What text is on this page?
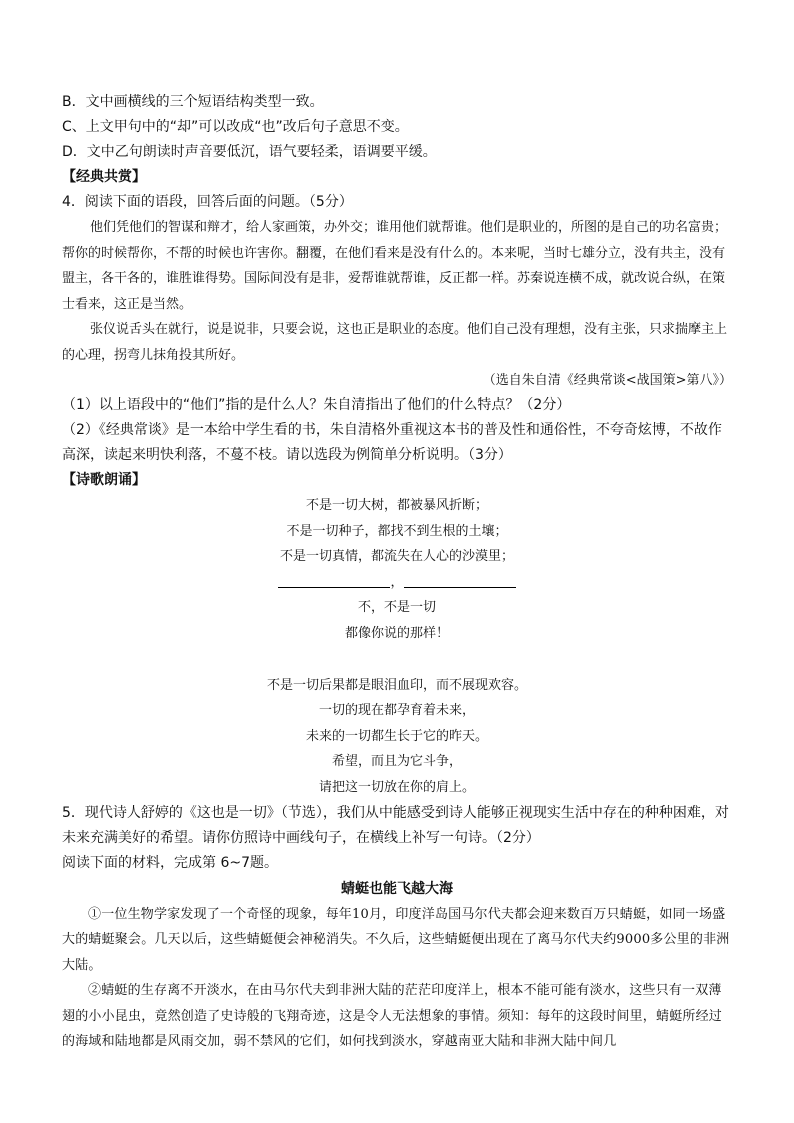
B．文中画横线的三个短语结构类型一致。
C、上文甲句中的“却”可以改成“也”改后句子意思不变。
D．文中乙句朗读时声音要低沉，语气要轻柔，语调要平缓。
【经典共赏】
4．阅读下面的语段，回答后面的问题。（5分）
他们凭他们的智谋和辩才，给人家画策，办外交；谁用他们就帮谁。他们是职业的，所图的是自己的功名富贵；帮你的时候帮你，不帮的时候也许害你。翻覆，在他们看来是没有什么的。本来呢，当时七雄分立，没有共主，没有盟主，各干各的，谁胜谁得势。国际间没有是非，爱帮谁就帮谁，反正都一样。苏秦说连横不成，就改说合纵，在策士看来，这正是当然。
张仪说舌头在就行，说是说非，只要会说，这也正是职业的态度。他们自己没有理想，没有主张，只求揣摩主上的心理，拐弯儿抹角投其所好。
（选自朱自清《经典常谈<战国策>第八》）
（1）以上语段中的“他们”指的是什么人？朱自清指出了他们的什么特点？（2分）
（2）《经典常谈》是一本给中学生看的书，朱自清格外重视这本书的普及性和通俗性，不夸奇炫博，不故作高深，读起来明快利落，不蔓不枝。请以选段为例简单分析说明。（3分）
【诗歌朗诵】
不是一切大树，都被暴风折断；
不是一切种子，都找不到生根的土壤；
不是一切真情，都流失在人心的沙漠里；
，
不，不是一切
都像你说的那样！
不是一切后果都是眼泪血印，而不展现欢容。
一切的现在都孕育着未来，
未来的一切都生长于它的昨天。
希望，而且为它斗争，
请把这一切放在你的肩上。
5．现代诗人舒婷的《这也是一切》（节选），我们从中能感受到诗人能够正视现实生活中存在的种种困难，对未来充满美好的希望。请你仿照诗中画线句子，在横线上补写一句诗。（2分）
阅读下面的材料，完成第 6~7题。
蜻蜓也能飞越大海
①一位生物学家发现了一个奇怪的现象，每年10月，印度洋岛国马尔代夫都会迎来数百万只蜻蜓，如同一场盛大的蜻蜓聚会。几天以后，这些蜻蜓便会神秘消失。不久后，这些蜻蜓便出现在了离马尔代夫约9000多公里的非洲大陆。
②蜻蜓的生存离不开淡水，在由马尔代夫到非洲大陆的茫茫印度洋上，根本不能可能有淡水，这些只有一双薄翅的小小昆虫，竟然创造了史诗般的飞翔奇迹，这是令人无法想象的事情。须知：每年的这段时间里，蜻蜓所经过的海域和陆地都是风雨交加，弱不禁风的它们，如何找到淡水，穿越南亚大陆和非洲大陆中间几
